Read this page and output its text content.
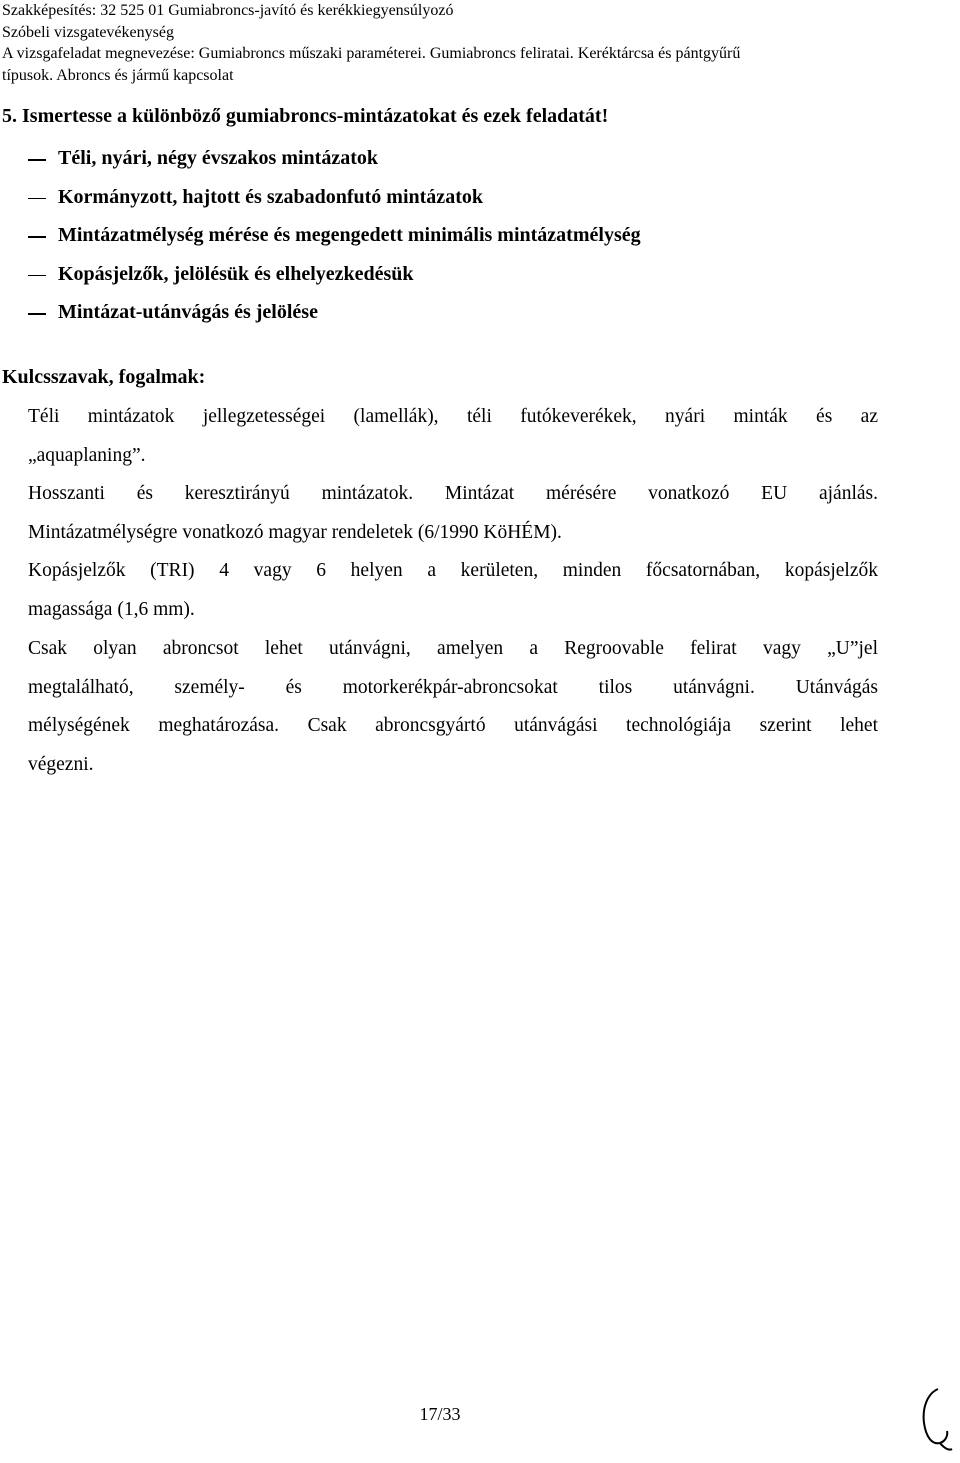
Szakképesítés: 32 525 01 Gumiabroncs-javító és kerékkiegyensúlyozó
Szóbeli vizsgatevékenység
A vizsgafeladat megnevezése: Gumiabroncs műszaki paraméterei. Gumiabroncs feliratai. Keréktárcsa és pántgyűrű
típusok. Abroncs és jármű kapcsolat
5. Ismertesse a különböző gumiabroncs-mintázatokat és ezek feladatát!
Téli, nyári, négy évszakos mintázatok
Kormányzott, hajtott és szabadonfutó mintázatok
Mintázatmélység mérése és megengedett minimális mintázatmélység
Kopásjelzők, jelölésük és elhelyezkedésük
Mintázat-utánvágás és jelölése
Kulcsszavak, fogalmak:
Téli mintázatok jellegzetességei (lamellák), téli futókeverékek, nyári minták és az
„aquaplaning”.
Hosszanti és keresztirányú mintázatok. Mintázat mérésére vonatkozó EU ajánlás.
Mintázatmélységre vonatkozó magyar rendeletek (6/1990 KöHÉM).
Kopásjelzők (TRI) 4 vagy 6 helyen a kerületen, minden főcsatornában, kopásjelzők
magassága (1,6 mm).
Csak olyan abroncsot lehet utánvágni, amelyen a Regroovable felirat vagy „U”jel
megtalálható, személy- és motorkerékpár-abroncsokat tilos utánvágni. Utánvágás
mélységének meghatározása. Csak abroncsgyártó utánvágási technológiája szerint lehet
végezni.
17/33
